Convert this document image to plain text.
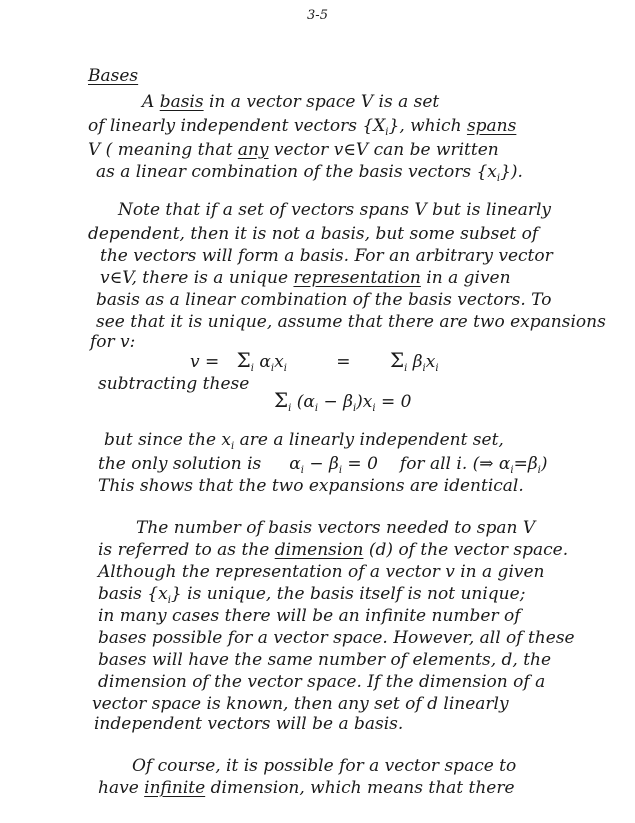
3-5
Bases
A basis in a vector space V is a set
of linearly independent vectors $\{X_i\}$, which spans
V ( meaning that any vector v∈V can be written
as a linear combination of the basis vectors $\{x_i\}$).
Note that if a set of vectors spans V but is linearly
dependent, then it is not a basis, but some subset of
the vectors will form a basis. For an arbitrary vector
v∈V, there is a unique representation in a given
basis as a linear combination of the basis vectors. To
see that it is unique, assume that there are two expansions
for v:
$v = \Sigma_i$ $\alpha_ix_i$	= $\Sigma_i$ $\beta_ix_i$
subtracting these
$\Sigma_i$ $(\alpha_i - \beta_i)x_i = 0$
but since the $x_i$ are a linearly independent set,
the only solution is $\alpha_i - \beta_i = 0$ for all i. (⇒ $\alpha_i=\beta_i$)
This shows that the two expansions are identical.
The number of basis vectors needed to span V
is referred to as the dimension (d) of the vector space.
Although the representation of a vector v in a given
basis $\{x_i\}$ is unique, the basis itself is not unique;
in many cases there will be an infinite number of
bases possible for a vector space. However, all of these
bases will have the same number of elements, d, the
dimension of the vector space. If the dimension of a
vector space is known, then any set of d linearly
independent vectors will be a basis.
Of course, it is possible for a vector space to
have infinite dimension, which means that there
